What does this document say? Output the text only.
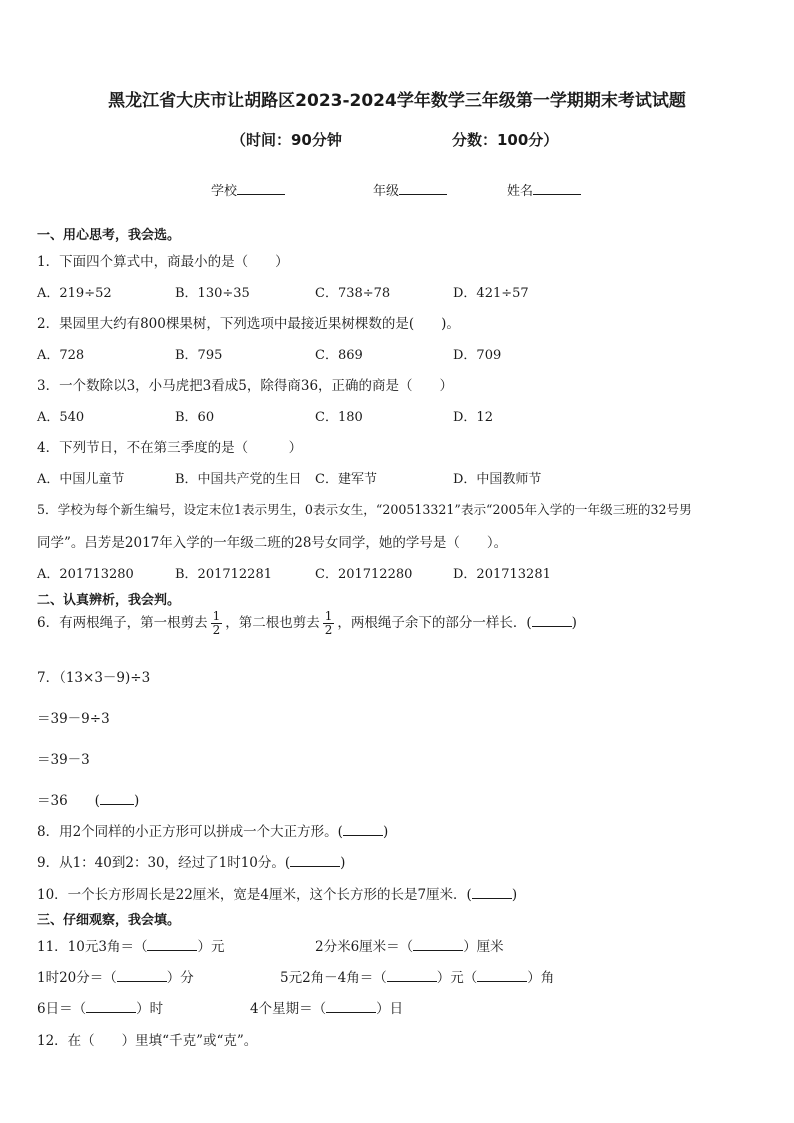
黑龙江省大庆市让胡路区2023-2024学年数学三年级第一学期期末考试试题
（时间：90分钟	分数：100分）
学校	年级	姓名
一、用心思考，我会选。
1．下面四个算式中，商最小的是（　　）
A．219÷52	B．130÷35	C．738÷78	D．421÷57
2．果园里大约有800棵果树，下列选项中最接近果树棵数的是(　　)。
A．728	B．795	C．869	D．709
3．一个数除以3，小马虎把3看成5，除得商36，正确的商是（　　）
A．540	B．60	C．180	D．12
4．下列节日，不在第三季度的是（　　　）
A．中国儿童节	B．中国共产党的生日 C．建军节	D．中国教师节
5．学校为每个新生编号，设定末位1表示男生，0表示女生，“200513321”表示“2005年入学的一年级三班的32号男
同学”。吕芳是2017年入学的一年级二班的28号女同学，她的学号是（　　）。
A．201713280	B．201712281	C．201712280	D．201713281
二、认真辨析，我会判。
6．有两根绳子，第一根剪去 $\frac{1}{2}$ ，第二根也剪去 $\frac{1}{2}$ ，两根绳子余下的部分一样长．(	)
7．（13×3－9)÷3
＝39－9÷3
＝39－3
＝36　　(	)
8．用2个同样的小正方形可以拼成一个大正方形。(	)
9．从1：40到2：30，经过了1时10分。(	)
10．一个长方形周长是22厘米，宽是4厘米，这个长方形的长是7厘米．(	)
三、仔细观察，我会填。
11．10元3角＝（	）元	2分米6厘米＝（	）厘米
1时20分＝（	）分	5元2角－4角＝（	）元（	）角
6日＝（	）时	4个星期＝（	）日
12．在（　　）里填“千克”或“克”。
